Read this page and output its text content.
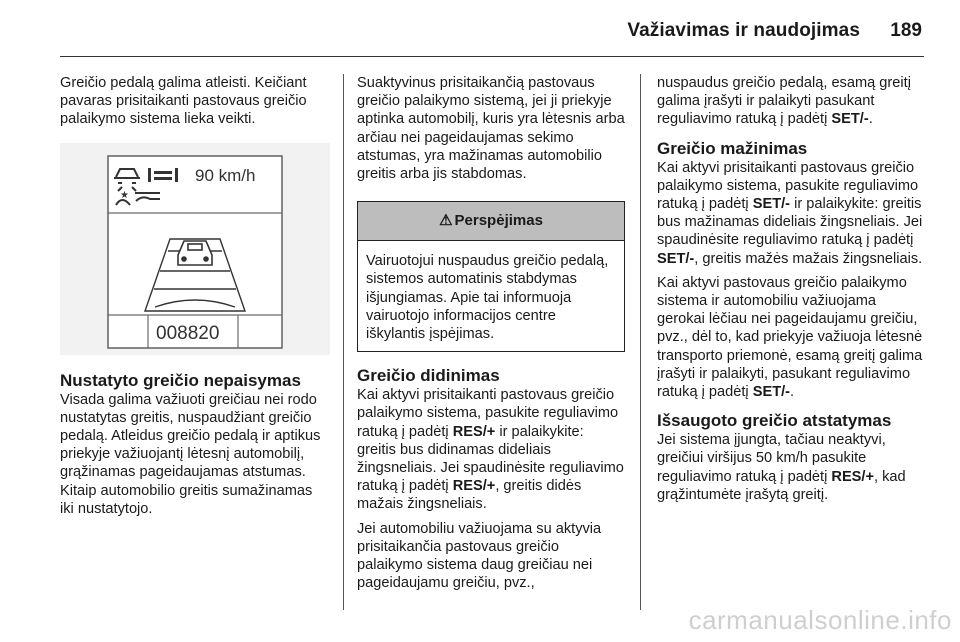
Važiavimas ir naudojimas 189

Greičio pedalą galima atleisti. Keičiant pavaras prisitaikanti pastovaus greičio palaikymo sistema lieka veikti.

90 km/h
★
008820
Nustatyto greičio nepaisymas

Visada galima važiuoti greičiau nei rodo nustatytas greitis, nuspaudžiant greičio pedalą. Atleidus greičio pedalą ir aptikus priekyje važiuojantį lėtesnį automobilį, grąžinamas pageidaujamas atstumas. Kitaip automobilio greitis sumažinamas iki nustatytojo.

Suaktyvinus prisitaikančią pastovaus greičio palaikymo sistemą, jei ji priekyje aptinka automobilį, kuris yra lėtesnis arba arčiau nei pageidaujamas sekimo atstumas, yra mažinamas automobilio greitis arba jis stabdomas.

⚠ Perspėjimas
Vairuotojui nuspaudus greičio pedalą, sistemos automatinis stabdymas išjungiamas. Apie tai informuoja vairuotojo informacijos centre iškylantis įspėjimas.
Greičio didinimas

Kai aktyvi prisitaikanti pastovaus greičio palaikymo sistema, pasukite reguliavimo ratuką į padėtį RES/+ ir palaikykite: greitis bus didinamas dideliais žingsneliais. Jei spaudinėsite reguliavimo ratuką į padėtį RES/+, greitis didės mažais žingsneliais.

Jei automobiliu važiuojama su aktyvia prisitaikančia pastovaus greičio palaikymo sistema daug greičiau nei pageidaujamu greičiu, pvz.,

nuspaudus greičio pedalą, esamą greitį galima įrašyti ir palaikyti pasukant reguliavimo ratuką į padėtį SET/-.

Greičio mažinimas

Kai aktyvi prisitaikanti pastovaus greičio palaikymo sistema, pasukite reguliavimo ratuką į padėtį SET/- ir palaikykite: greitis bus mažinamas dideliais žingsneliais. Jei spaudinėsite reguliavimo ratuką į padėtį SET/-, greitis mažės mažais žingsneliais.

Kai aktyvi pastovaus greičio palaikymo sistema ir automobiliu važiuojama gerokai lėčiau nei pageidaujamu greičiu, pvz., dėl to, kad priekyje važiuoja lėtesnė transporto priemonė, esamą greitį galima įrašyti ir palaikyti, pasukant reguliavimo ratuką į padėtį SET/-.

Išsaugoto greičio atstatymas

Jei sistema įjungta, tačiau neaktyvi, greičiui viršijus 50 km/h pasukite reguliavimo ratuką į padėtį RES/+, kad grąžintumėte įrašytą greitį.

carmanualsonline.info
